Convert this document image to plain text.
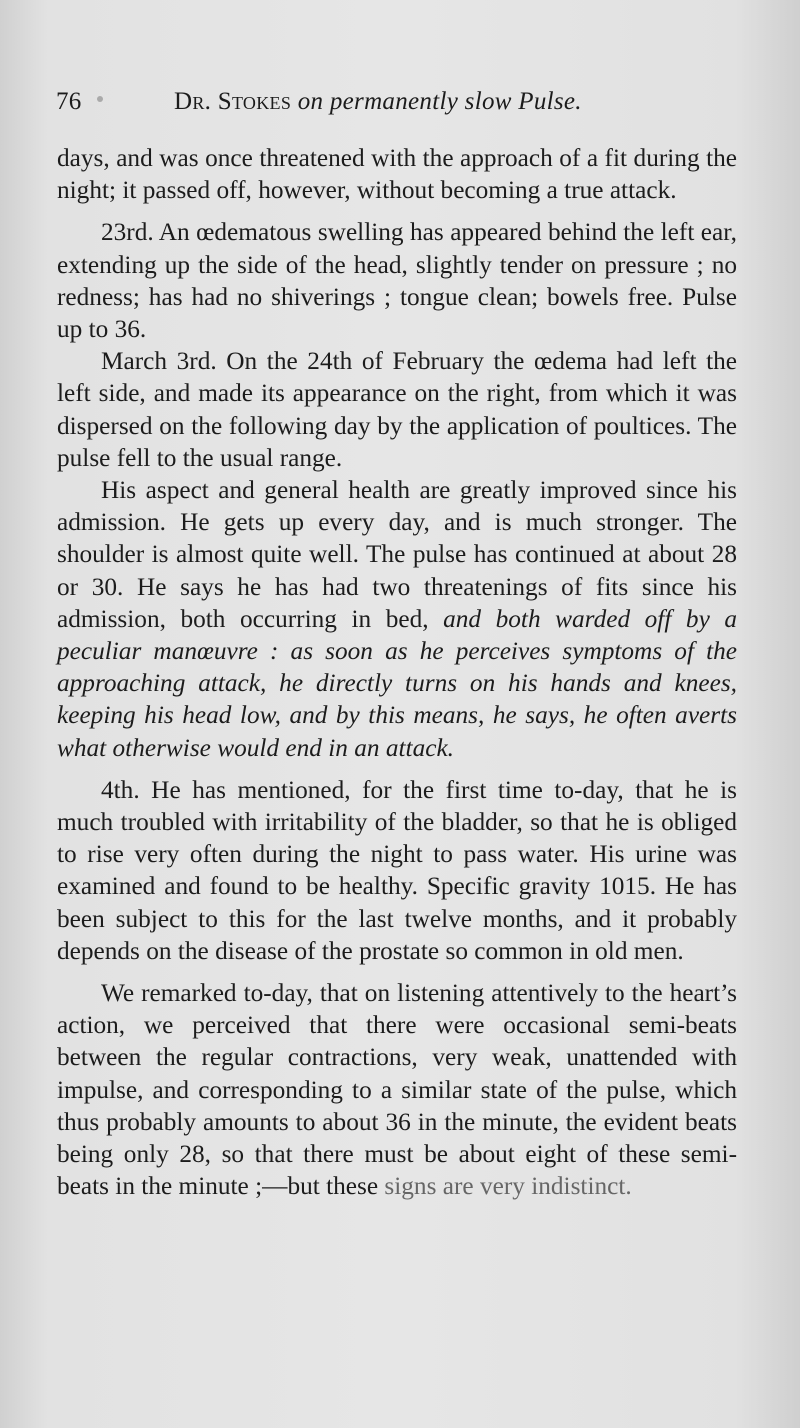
76	Dr. Stokes on permanently slow Pulse.

days, and was once threatened with the approach of a fit during the night; it passed off, however, without becoming a true attack.

23rd. An œdematous swelling has appeared behind the left ear, extending up the side of the head, slightly tender on pressure ; no redness; has had no shiverings ; tongue clean; bowels free. Pulse up to 36.

March 3rd. On the 24th of February the œdema had left the left side, and made its appearance on the right, from which it was dispersed on the following day by the application of poultices. The pulse fell to the usual range.

His aspect and general health are greatly improved since his admission. He gets up every day, and is much stronger. The shoulder is almost quite well. The pulse has continued at about 28 or 30. He says he has had two threatenings of fits since his admission, both occurring in bed, and both warded off by a peculiar manœuvre : as soon as he perceives symptoms of the approaching attack, he directly turns on his hands and knees, keeping his head low, and by this means, he says, he often averts what otherwise would end in an attack.

4th. He has mentioned, for the first time to-day, that he is much troubled with irritability of the bladder, so that he is obliged to rise very often during the night to pass water. His urine was examined and found to be healthy. Specific gravity 1015. He has been subject to this for the last twelve months, and it probably depends on the disease of the prostate so common in old men.

We remarked to-day, that on listening attentively to the heart’s action, we perceived that there were occasional semi-beats between the regular contractions, very weak, unattended with impulse, and corresponding to a similar state of the pulse, which thus probably amounts to about 36 in the minute, the evident beats being only 28, so that there must be about eight of these semi-beats in the minute ;—but these signs are very indistinct.
